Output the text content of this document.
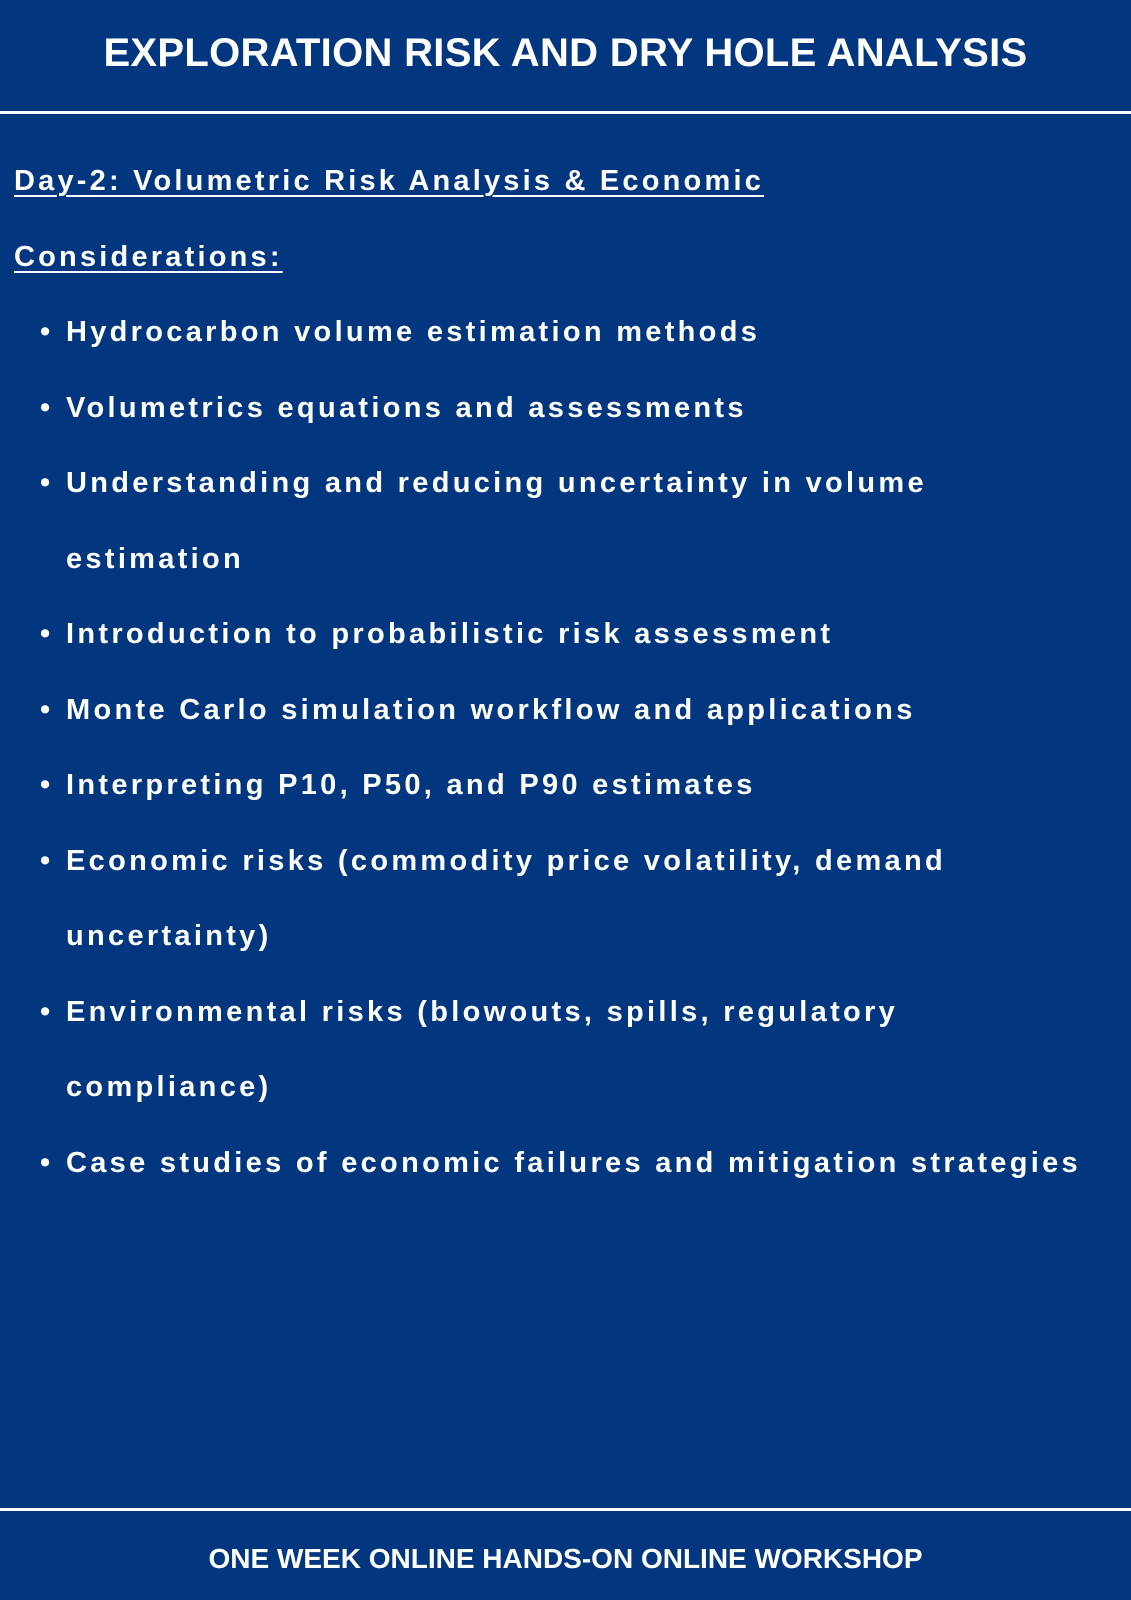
EXPLORATION RISK AND DRY HOLE ANALYSIS
Day-2: Volumetric Risk Analysis & Economic
Considerations:
• Hydrocarbon volume estimation methods
• Volumetrics equations and assessments
• Understanding and reducing uncertainty in volume estimation
• Introduction to probabilistic risk assessment
• Monte Carlo simulation workflow and applications
• Interpreting P10, P50, and P90 estimates
• Economic risks (commodity price volatility, demand uncertainty)
• Environmental risks (blowouts, spills, regulatory compliance)
• Case studies of economic failures and mitigation strategies

ONE WEEK ONLINE HANDS-ON ONLINE WORKSHOP
